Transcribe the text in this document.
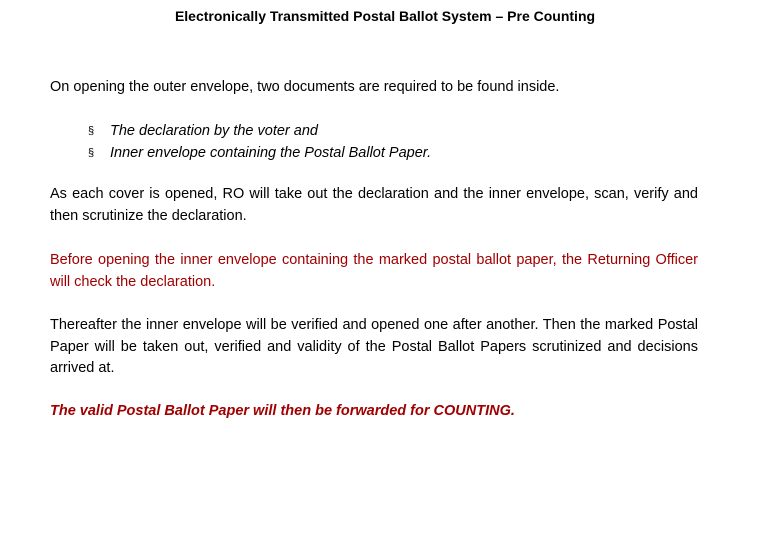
Electronically Transmitted Postal Ballot System – Pre Counting
On opening the outer envelope, two documents are required to be found inside.
§ The declaration by the voter and
§ Inner envelope containing the Postal Ballot Paper.
As each cover is opened, RO will take out the declaration and the inner envelope, scan, verify and then scrutinize the declaration.
Before opening the inner envelope containing the marked postal ballot paper, the Returning Officer will check the declaration.
Thereafter the inner envelope will be verified and opened one after another. Then the marked Postal Paper will be taken out, verified and validity of the Postal Ballot Papers scrutinized and decisions arrived at.
The valid Postal Ballot Paper will then be forwarded for COUNTING.
